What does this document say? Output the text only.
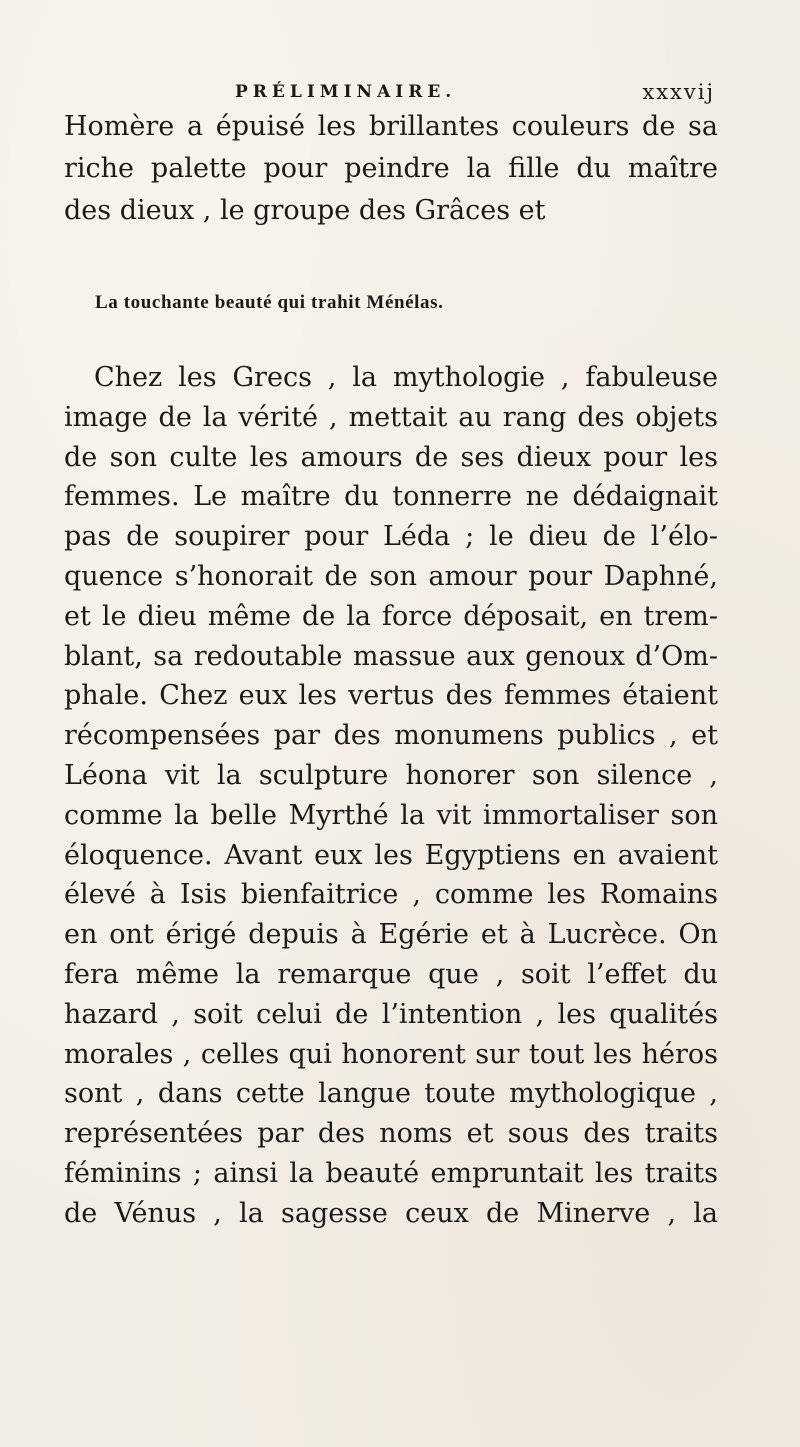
PRÉLIMINAIRE.	xxxvij
Homère a épuisé les brillantes couleurs de sa
riche palette pour peindre la fille du maître
des dieux , le groupe des Grâces et
La touchante beauté qui trahit Ménélas.
Chez les Grecs , la mythologie , fabuleuse
image de la vérité , mettait au rang des objets
de son culte les amours de ses dieux pour les
femmes. Le maître du tonnerre ne dédaignait
pas de soupirer pour Léda ; le dieu de l’élo-
quence s’honorait de son amour pour Daphné,
et le dieu même de la force déposait, en trem-
blant, sa redoutable massue aux genoux d’Om-
phale. Chez eux les vertus des femmes étaient
récompensées par des monumens publics , et
Léona vit la sculpture honorer son silence ,
comme la belle Myrthé la vit immortaliser son
éloquence. Avant eux les Egyptiens en avaient
élevé à Isis bienfaitrice , comme les Romains
en ont érigé depuis à Egérie et à Lucrèce. On
fera même la remarque que , soit l’effet du
hazard , soit celui de l’intention , les qualités
morales , celles qui honorent sur tout les héros
sont , dans cette langue toute mythologique ,
représentées par des noms et sous des traits
féminins ; ainsi la beauté empruntait les traits
de Vénus , la sagesse ceux de Minerve , la
